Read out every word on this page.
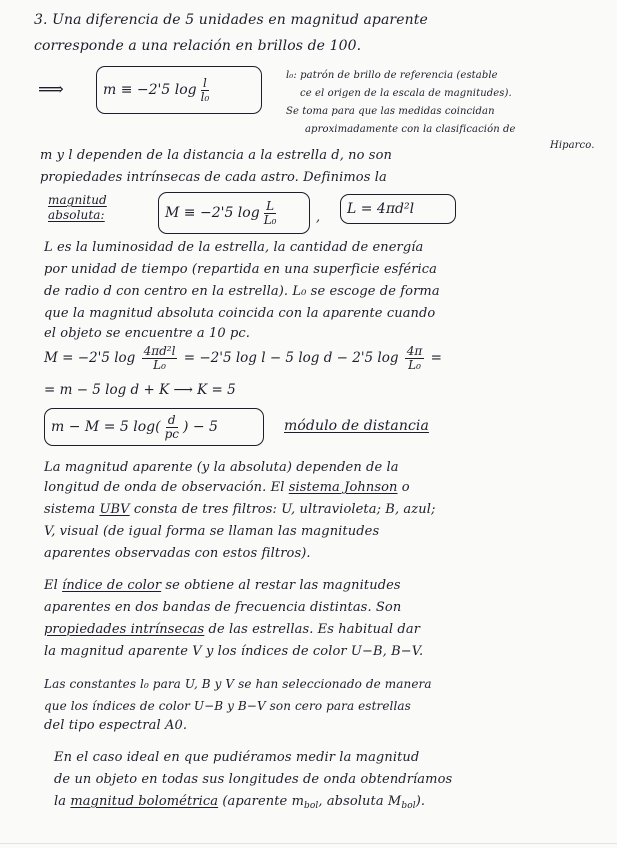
3. Una diferencia de 5 unidades en magnitud aparente
corresponde a una relación en brillos de 100.
⟹	m ≡ −2'5 $\log \frac{l}{\text{l₀}}$
l₀: patrón de brillo de referencia (estable
ce el origen de la escala de magnitudes).
Se toma para que las medidas coincidan
aproximadamente con la clasificación de
Hiparco.
m y l dependen de la distancia a la estrella d, no son
propiedades intrínsecas de cada astro. Definimos la
magnitud
absoluta:	M ≡ −2'5 $\log \frac{L}{\text{L₀}}$	,
L = 4πd²l
L es la luminosidad de la estrella, la cantidad de energía
por unidad de tiempo (repartida en una superficie esférica
de radio d con centro en la estrella). L₀ se escoge de forma
que la magnitud absoluta coincida con la aparente cuando
el objeto se encuentre a 10 pc.
M = −2'5 $\log \frac{\text{4πd²l}}{\text{L₀}} = -2'5$ log l − 5 log d − 2'5 $\log \frac{4\pi}{\text{L₀}}$ =
= m − 5 log d + K ⟶ K = 5
m − M = 5 $\log( \frac{d}{pc}$ ) − 5	módulo de distancia
La magnitud aparente (y la absoluta) dependen de la
longitud de onda de observación. El sistema Johnson o
sistema UBV consta de tres filtros: U, ultravioleta; B, azul;
V, visual (de igual forma se llaman las magnitudes
aparentes observadas con estos filtros).
El índice de color se obtiene al restar las magnitudes
aparentes en dos bandas de frecuencia distintas. Son
propiedades intrínsecas de las estrellas. Es habitual dar
la magnitud aparente V y los índices de color U−B, B−V.
Las constantes l₀ para U, B y V se han seleccionado de manera
que los índices de color U−B y B−V son cero para estrellas
del tipo espectral A0.
En el caso ideal en que pudiéramos medir la magnitud
de un objeto en todas sus longitudes de onda obtendríamos
la magnitud bolométrica (aparente $m_{bol}$, absoluta $M_{bol}$).
